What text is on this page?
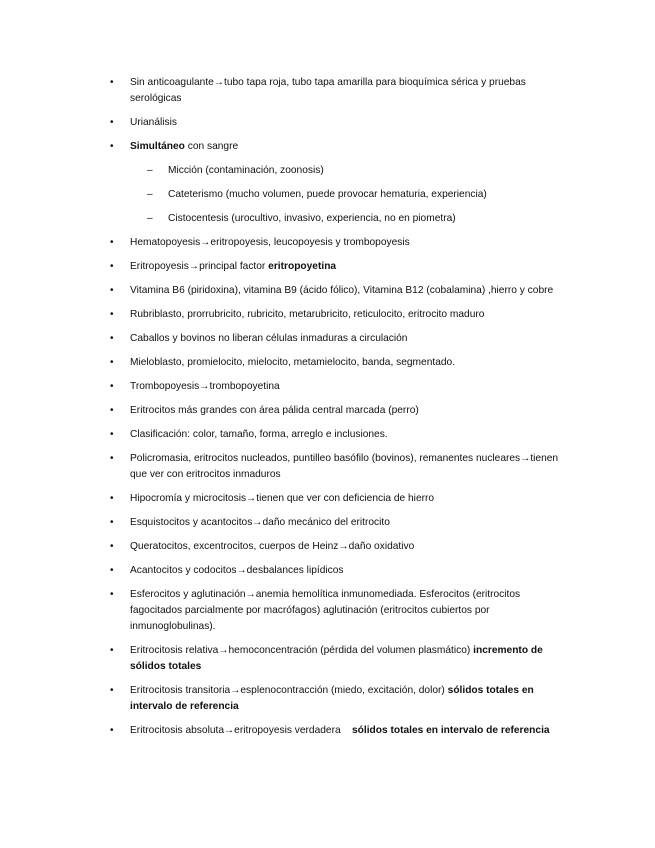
• Sin anticoagulante→tubo tapa roja, tubo tapa amarilla para bioquímica sérica y pruebas serológicas
• Urianálisis
• Simultáneo con sangre
– Micción (contaminación, zoonosis)
– Cateterismo (mucho volumen, puede provocar hematuria, experiencia)
– Cistocentesis (urocultivo, invasivo, experiencia, no en piometra)
• Hematopoyesis→eritropoyesis, leucopoyesis y trombopoyesis
• Eritropoyesis→principal factor eritropoyetina
• Vitamina B6 (piridoxina), vitamina B9 (ácido fólico), Vitamina B12 (cobalamina) ,hierro y cobre
• Rubriblasto, prorrubricito, rubricito, metarubricito, reticulocito, eritrocito maduro
• Caballos y bovinos no liberan células inmaduras a circulación
• Mieloblasto, promielocito, mielocito, metamielocito, banda, segmentado.
• Trombopoyesis→trombopoyetina
• Eritrocitos más grandes con área pálida central marcada (perro)
• Clasificación: color, tamaño, forma, arreglo e inclusiones.
• Policromasia, eritrocitos nucleados, puntilleo basófilo (bovinos), remanentes nucleares→tienen que ver con eritrocitos inmaduros
• Hipocromía y microcitosis→tienen que ver con deficiencia de hierro
• Esquistocitos y acantocitos→daño mecánico del eritrocito
• Queratocitos, excentrocitos, cuerpos de Heinz→daño oxidativo
• Acantocitos y codocitos→desbalances lipídicos
• Esferocitos y aglutinación→anemia hemolítica inmunomediada. Esferocitos (eritrocitos fagocitados parcialmente por macrófagos) aglutinación (eritrocitos cubiertos por inmunoglobulinas).
• Eritrocitosis relativa→hemoconcentración (pérdida del volumen plasmático) incremento de sólidos totales
• Eritrocitosis transitoria→esplenocontracción (miedo, excitación, dolor) sólidos totales en intervalo de referencia
• Eritrocitosis absoluta→eritropoyesis verdadera    sólidos totales en intervalo de referencia
